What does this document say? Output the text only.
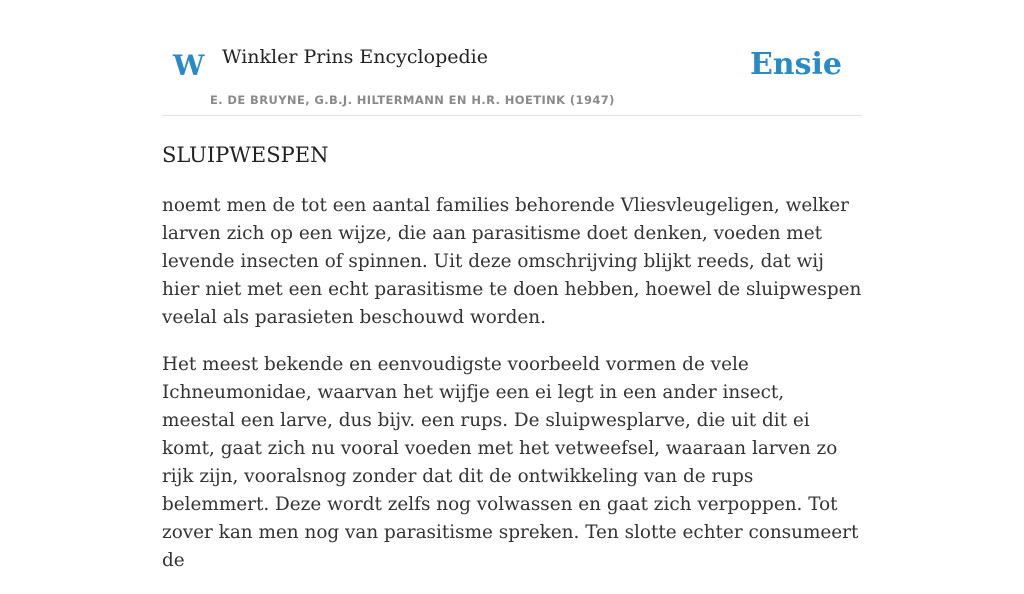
W Winkler Prins Encyclopedie
E. DE BRUYNE, G.B.J. HILTERMANN EN H.R. HOETINK (1947)
Ensie
SLUIPWESPEN

noemt men de tot een aantal families behorende Vliesvleugeligen, welker larven zich op een wijze, die aan parasitisme doet denken, voeden met levende insecten of spinnen. Uit deze omschrijving blijkt reeds, dat wij hier niet met een echt parasitisme te doen hebben, hoewel de sluipwespen veelal als parasieten beschouwd worden.

Het meest bekende en eenvoudigste voorbeeld vormen de vele Ichneumonidae, waarvan het wijfje een ei legt in een ander insect, meestal een larve, dus bijv. een rups. De sluipwesplarve, die uit dit ei komt, gaat zich nu vooral voeden met het vetweefsel, waaraan larven zo rijk zijn, vooralsnog zonder dat dit de ontwikkeling van de rups belemmert. Deze wordt zelfs nog volwassen en gaat zich verpoppen. Tot zover kan men nog van parasitisme spreken. Ten slotte echter consumeert de
